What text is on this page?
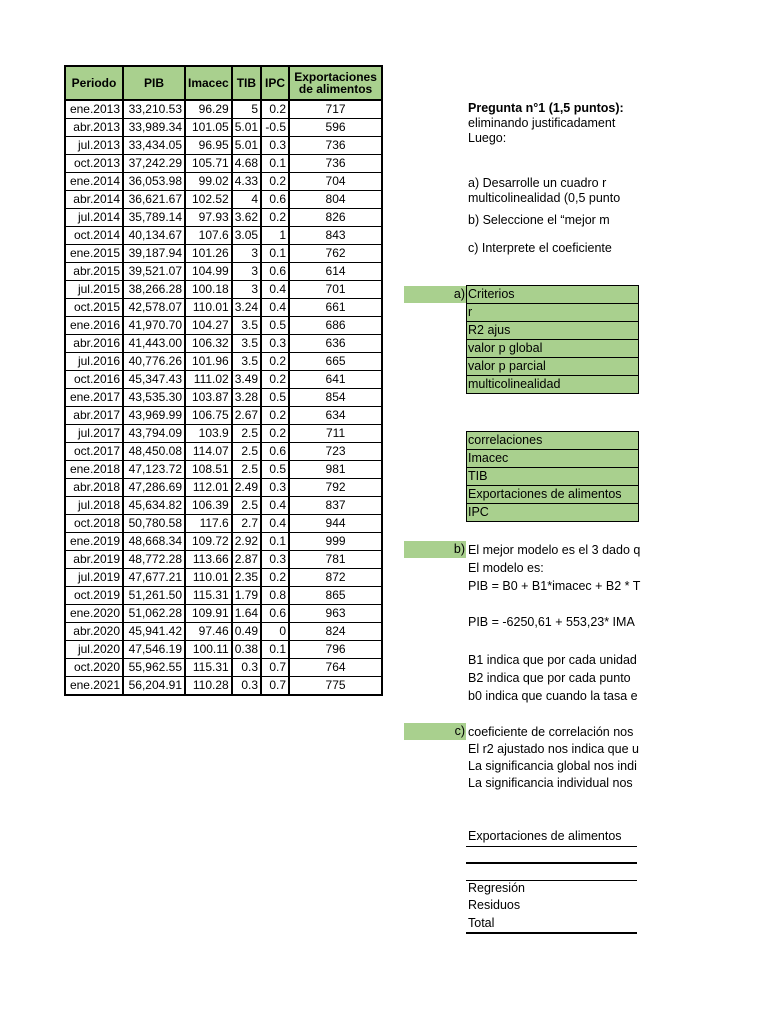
Periodo	PIB	Imacec	TIB	IPC	Exportaciones de alimentos
ene.2013	33,210.53	96.29	5	0.2	717
abr.2013	33,989.34	101.05	5.01	-0.5	596
jul.2013	33,434.05	96.95	5.01	0.3	736
oct.2013	37,242.29	105.71	4.68	0.1	736
ene.2014	36,053.98	99.02	4.33	0.2	704
abr.2014	36,621.67	102.52	4	0.6	804
jul.2014	35,789.14	97.93	3.62	0.2	826
oct.2014	40,134.67	107.6	3.05	1	843
ene.2015	39,187.94	101.26	3	0.1	762
abr.2015	39,521.07	104.99	3	0.6	614
jul.2015	38,266.28	100.18	3	0.4	701
oct.2015	42,578.07	110.01	3.24	0.4	661
ene.2016	41,970.70	104.27	3.5	0.5	686
abr.2016	41,443.00	106.32	3.5	0.3	636
jul.2016	40,776.26	101.96	3.5	0.2	665
oct.2016	45,347.43	111.02	3.49	0.2	641
ene.2017	43,535.30	103.87	3.28	0.5	854
abr.2017	43,969.99	106.75	2.67	0.2	634
jul.2017	43,794.09	103.9	2.5	0.2	711
oct.2017	48,450.08	114.07	2.5	0.6	723
ene.2018	47,123.72	108.51	2.5	0.5	981
abr.2018	47,286.69	112.01	2.49	0.3	792
jul.2018	45,634.82	106.39	2.5	0.4	837
oct.2018	50,780.58	117.6	2.7	0.4	944
ene.2019	48,668.34	109.72	2.92	0.1	999
abr.2019	48,772.28	113.66	2.87	0.3	781
jul.2019	47,677.21	110.01	2.35	0.2	872
oct.2019	51,261.50	115.31	1.79	0.8	865
ene.2020	51,062.28	109.91	1.64	0.6	963
abr.2020	45,941.42	97.46	0.49	0	824
jul.2020	47,546.19	100.11	0.38	0.1	796
oct.2020	55,962.55	115.31	0.3	0.7	764
ene.2021	56,204.91	110.28	0.3	0.7	775
Pregunta n°1 (1,5 puntos):
eliminando justificadament
Luego:
a) Desarrolle un cuadro r
multicolinealidad (0,5 punto
b) Seleccione el “mejor m
c) Interprete el coeficiente
a) Criterios
r
R2 ajus
valor p global
valor p parcial
multicolinealidad
correlaciones
Imacec
TIB
Exportaciones de alimentos
IPC
b) El mejor modelo es el 3 dado q
El modelo es:
PIB = B0 + B1*imacec + B2 * T
PIB = -6250,61 + 553,23* IMA
B1 indica que por cada unidad
B2 indica que por cada punto
b0 indica que cuando la tasa e
c) coeficiente de correlación nos
El r2 ajustado nos indica que u
La significancia global nos indi
La significancia individual nos
Exportaciones de alimentos
Regresión
Residuos
Total
